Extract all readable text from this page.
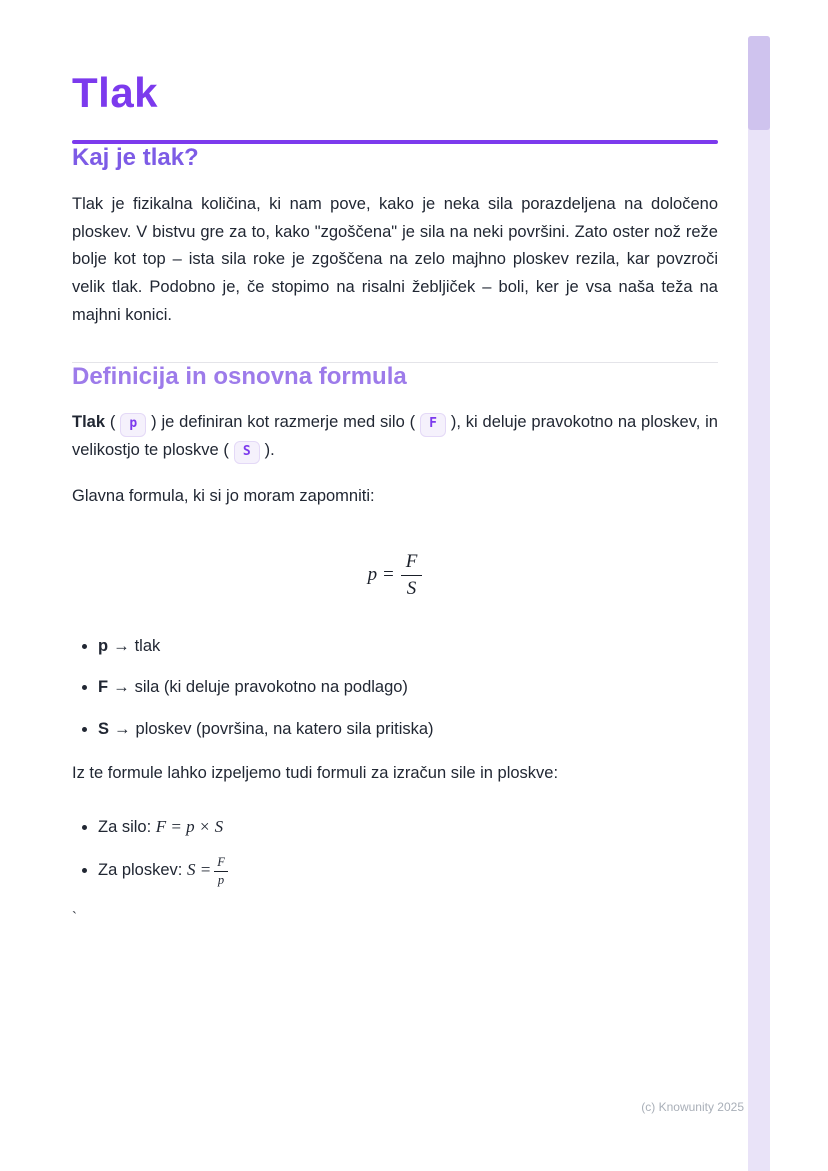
Tlak
Kaj je tlak?

Tlak je fizikalna količina, ki nam pove, kako je neka sila porazdeljena na določeno ploskev. V bistvu gre za to, kako "zgoščena" je sila na neki površini. Zato oster nož reže bolje kot top – ista sila roke je zgoščena na zelo majhno ploskev rezila, kar povzroči velik tlak. Podobno je, če stopimo na risalni žebljiček – boli, ker je vsa naša teža na majhni konici.

Definicija in osnovna formula

Tlak ( p ) je definiran kot razmerje med silo ( F ), ki deluje pravokotno na ploskev, in velikostjo te ploskve ( S ).

Glavna formula, ki si jo moram zapomniti:

$p = \frac{F}{S}$
• p → tlak
• F → sila (ki deluje pravokotno na podlago)
• S → ploskev (površina, na katero sila pritiska)

Iz te formule lahko izpeljemo tudi formuli za izračun sile in ploskve:

• Za silo: F = p × S
• Za ploskev: $S = \frac{F}{p}$
`
(c) Knowunity 2025
